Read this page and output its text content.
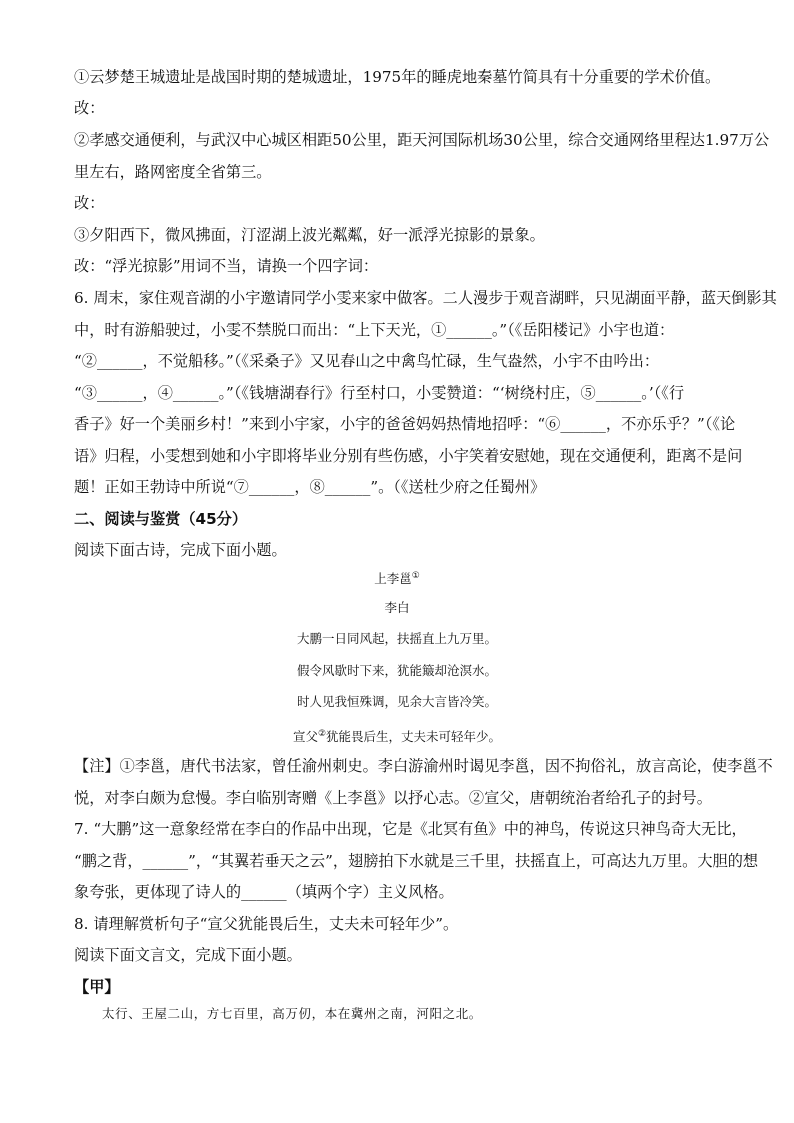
①云梦楚王城遗址是战国时期的楚城遗址，1975年的睡虎地秦墓竹简具有十分重要的学术价值。
改：
②孝感交通便利，与武汉中心城区相距50公里，距天河国际机场30公里，综合交通网络里程达1.97万公
里左右，路网密度全省第三。
改：
③夕阳西下，微风拂面，汀涩湖上波光粼粼，好一派浮光掠影的景象。
改：“浮光掠影”用词不当，请换一个四字词：
6. 周末，家住观音湖的小宇邀请同学小雯来家中做客。二人漫步于观音湖畔，只见湖面平静，蓝天倒影其
中，时有游船驶过，小雯不禁脱口而出：“上下天光，①______。”（《岳阳楼记》小宇也道：
“②______，不觉船移。”（《采桑子》又见春山之中禽鸟忙碌，生气盎然，小宇不由吟出：
“③______，④______。”（《钱塘湖春行》行至村口，小雯赞道：“‘树绕村庄，⑤______。’（《行
香子》好一个美丽乡村！”来到小宇家，小宇的爸爸妈妈热情地招呼：“⑥______，不亦乐乎？”（《论
语》归程，小雯想到她和小宇即将毕业分别有些伤感，小宇笑着安慰她，现在交通便利，距离不是问
题！正如王勃诗中所说“⑦______，⑧______”。（《送杜少府之任蜀州》
二、阅读与鉴赏（45分）
阅读下面古诗，完成下面小题。
上李邕①
李白
大鹏一日同风起，扶摇直上九万里。
假令风歇时下来，犹能簸却沧溟水。
时人见我恒殊调，见余大言皆冷笑。
宣父②犹能畏后生，丈夫未可轻年少。
【注】①李邕，唐代书法家，曾任渝州刺史。李白游渝州时谒见李邕，因不拘俗礼，放言高论，使李邕不
悦，对李白颇为怠慢。李白临别寄赠《上李邕》以抒心志。②宣父，唐朝统治者给孔子的封号。
7. “大鹏”这一意象经常在李白的作品中出现，它是《北冥有鱼》中的神鸟，传说这只神鸟奇大无比，
“鹏之背，______”，“其翼若垂天之云”，翅膀拍下水就是三千里，扶摇直上，可高达九万里。大胆的想
象夸张，更体现了诗人的______（填两个字）主义风格。
8. 请理解赏析句子“宣父犹能畏后生，丈夫未可轻年少”。
阅读下面文言文，完成下面小题。
【甲】
太行、王屋二山，方七百里，高万仞，本在冀州之南，河阳之北。
